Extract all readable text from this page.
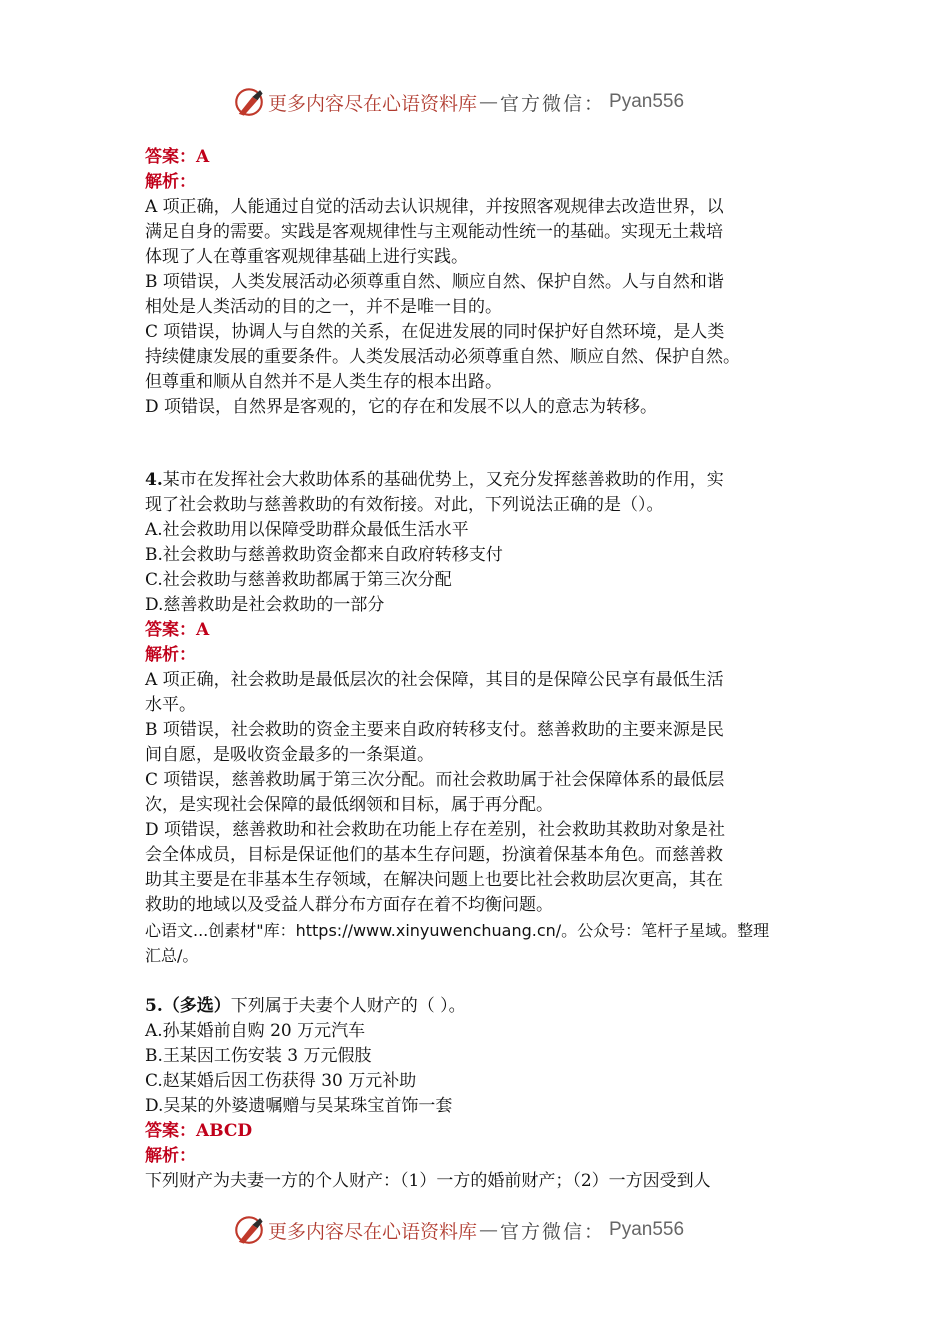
更多内容尽在心语资料库 — 官方微信 ： Pyan556
答案：A
解析：
A 项正确，人能通过自觉的活动去认识规律，并按照客观规律去改造世界，以
满足自身的需要。实践是客观规律性与主观能动性统一的基础。实现无土栽培
体现了人在尊重客观规律基础上进行实践。
B 项错误，人类发展活动必须尊重自然、顺应自然、保护自然。人与自然和谐
相处是人类活动的目的之一，并不是唯一目的。
C 项错误，协调人与自然的关系，在促进发展的同时保护好自然环境，是人类
持续健康发展的重要条件。人类发展活动必须尊重自然、顺应自然、保护自然。
但尊重和顺从自然并不是人类生存的根本出路。
D 项错误，自然界是客观的，它的存在和发展不以人的意志为转移。
4.某市在发挥社会大救助体系的基础优势上，又充分发挥慈善救助的作用，实
现了社会救助与慈善救助的有效衔接。对此，下列说法正确的是（）。
A.社会救助用以保障受助群众最低生活水平
B.社会救助与慈善救助资金都来自政府转移支付
C.社会救助与慈善救助都属于第三次分配
D.慈善救助是社会救助的一部分
答案：A
解析：
A 项正确，社会救助是最低层次的社会保障，其目的是保障公民享有最低生活
水平。
B 项错误，社会救助的资金主要来自政府转移支付。慈善救助的主要来源是民
间自愿，是吸收资金最多的一条渠道。
C 项错误，慈善救助属于第三次分配。而社会救助属于社会保障体系的最低层
次，是实现社会保障的最低纲领和目标，属于再分配。
D 项错误，慈善救助和社会救助在功能上存在差别，社会救助其救助对象是社
会全体成员，目标是保证他们的基本生存问题，扮演着保基本角色。而慈善救
助其主要是在非基本生存领域，在解决问题上也要比社会救助层次更高，其在
救助的地域以及受益人群分布方面存在着不均衡问题。
心语文...创素材"库：https://www.xinyuwenchuang.cn/。公众号：笔杆子星域。整理
汇总/。
5.（多选）下列属于夫妻个人财产的（ ）。
A.孙某婚前自购 20 万元汽车
B.王某因工伤安装 3 万元假肢
C.赵某婚后因工伤获得 30 万元补助
D.吴某的外婆遗嘱赠与吴某珠宝首饰一套
答案：ABCD
解析：
下列财产为夫妻一方的个人财产：（1）一方的婚前财产；（2）一方因受到人
更多内容尽在心语资料库 — 官方微信 ： Pyan556
